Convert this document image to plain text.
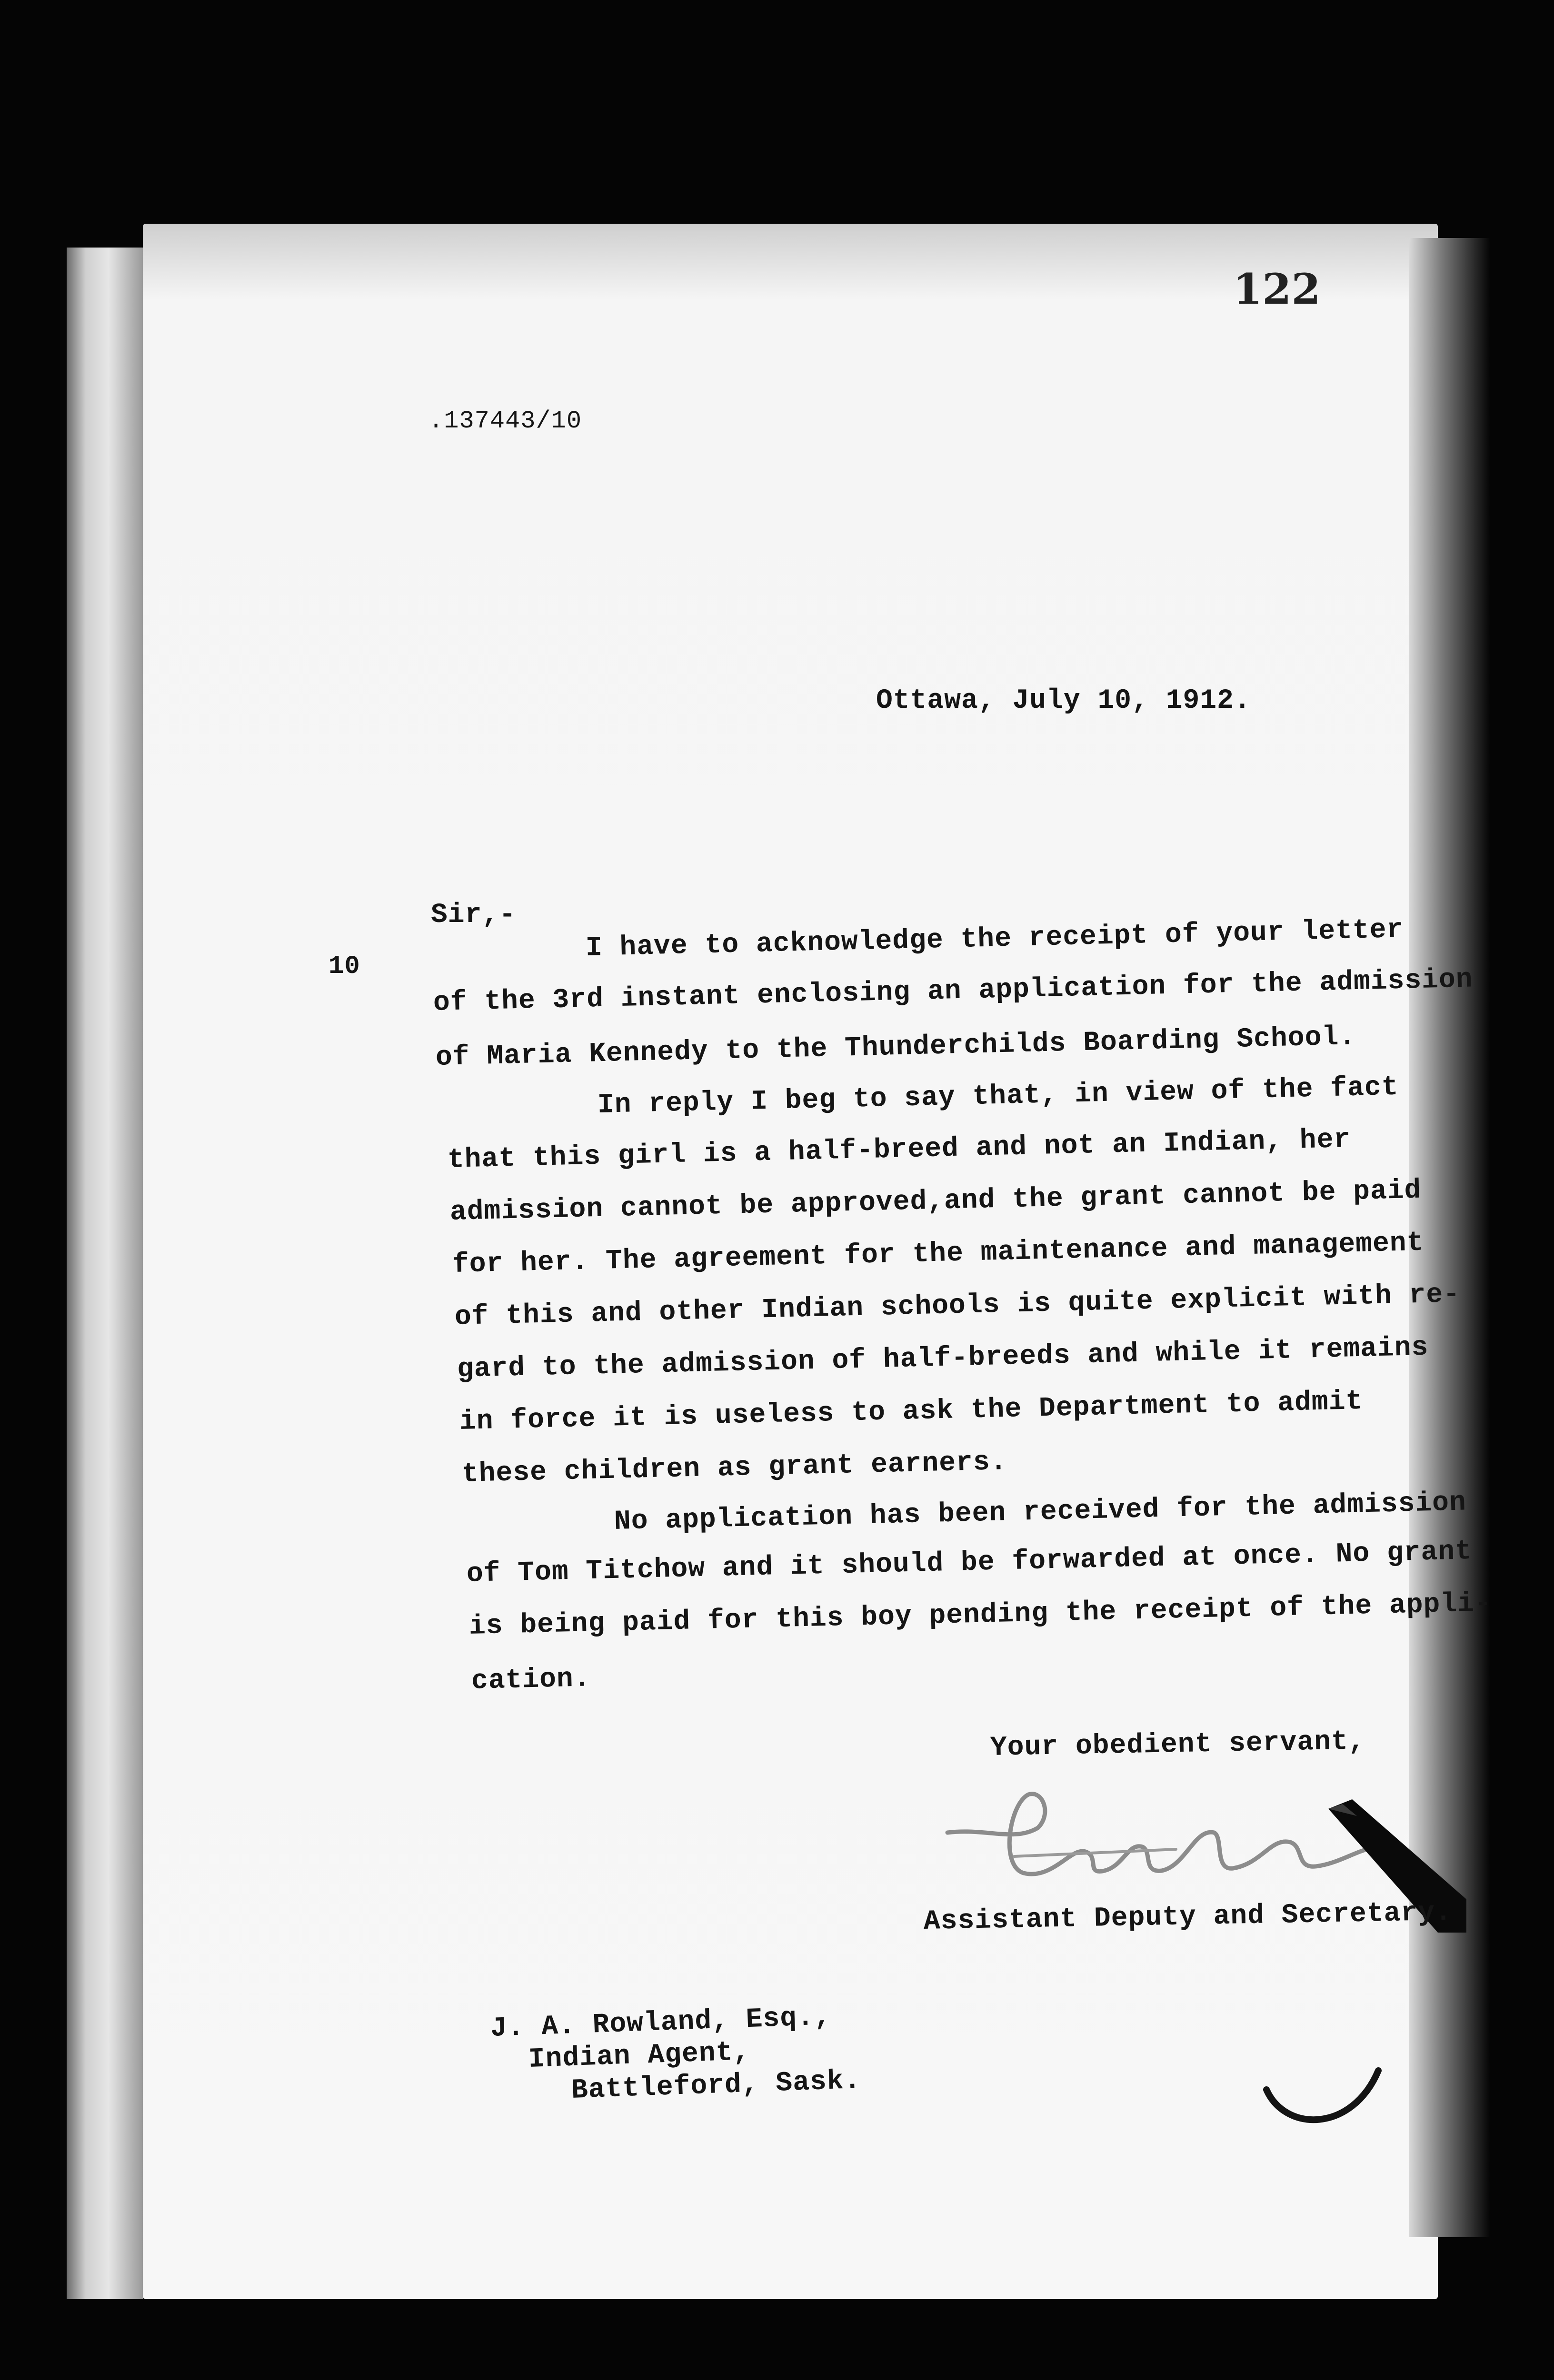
122
.137443/10
Ottawa, July 10, 1912.
10
Sir,-	I have to acknowledge the receipt of your letter
of the 3rd instant enclosing an application for the admission
of Maria Kennedy to the Thunderchilds Boarding School.
In reply I beg to say that, in view of the fact
that this girl is a half-breed and not an Indian, her
admission cannot be approved,and the grant cannot be paid
for her. The agreement for the maintenance and management
of this and other Indian schools is quite explicit with re-
gard to the admission of half-breeds and while it remains
in force it is useless to ask the Department to admit
these children as grant earners.
No application has been received for the admission
of Tom Titchow and it should be forwarded at once. No grant
is being paid for this boy pending the receipt of the appli-
cation.
Your obedient servant,
Assistant Deputy and Secretary.
J. A. Rowland, Esq.,
Indian Agent,
Battleford, Sask.
